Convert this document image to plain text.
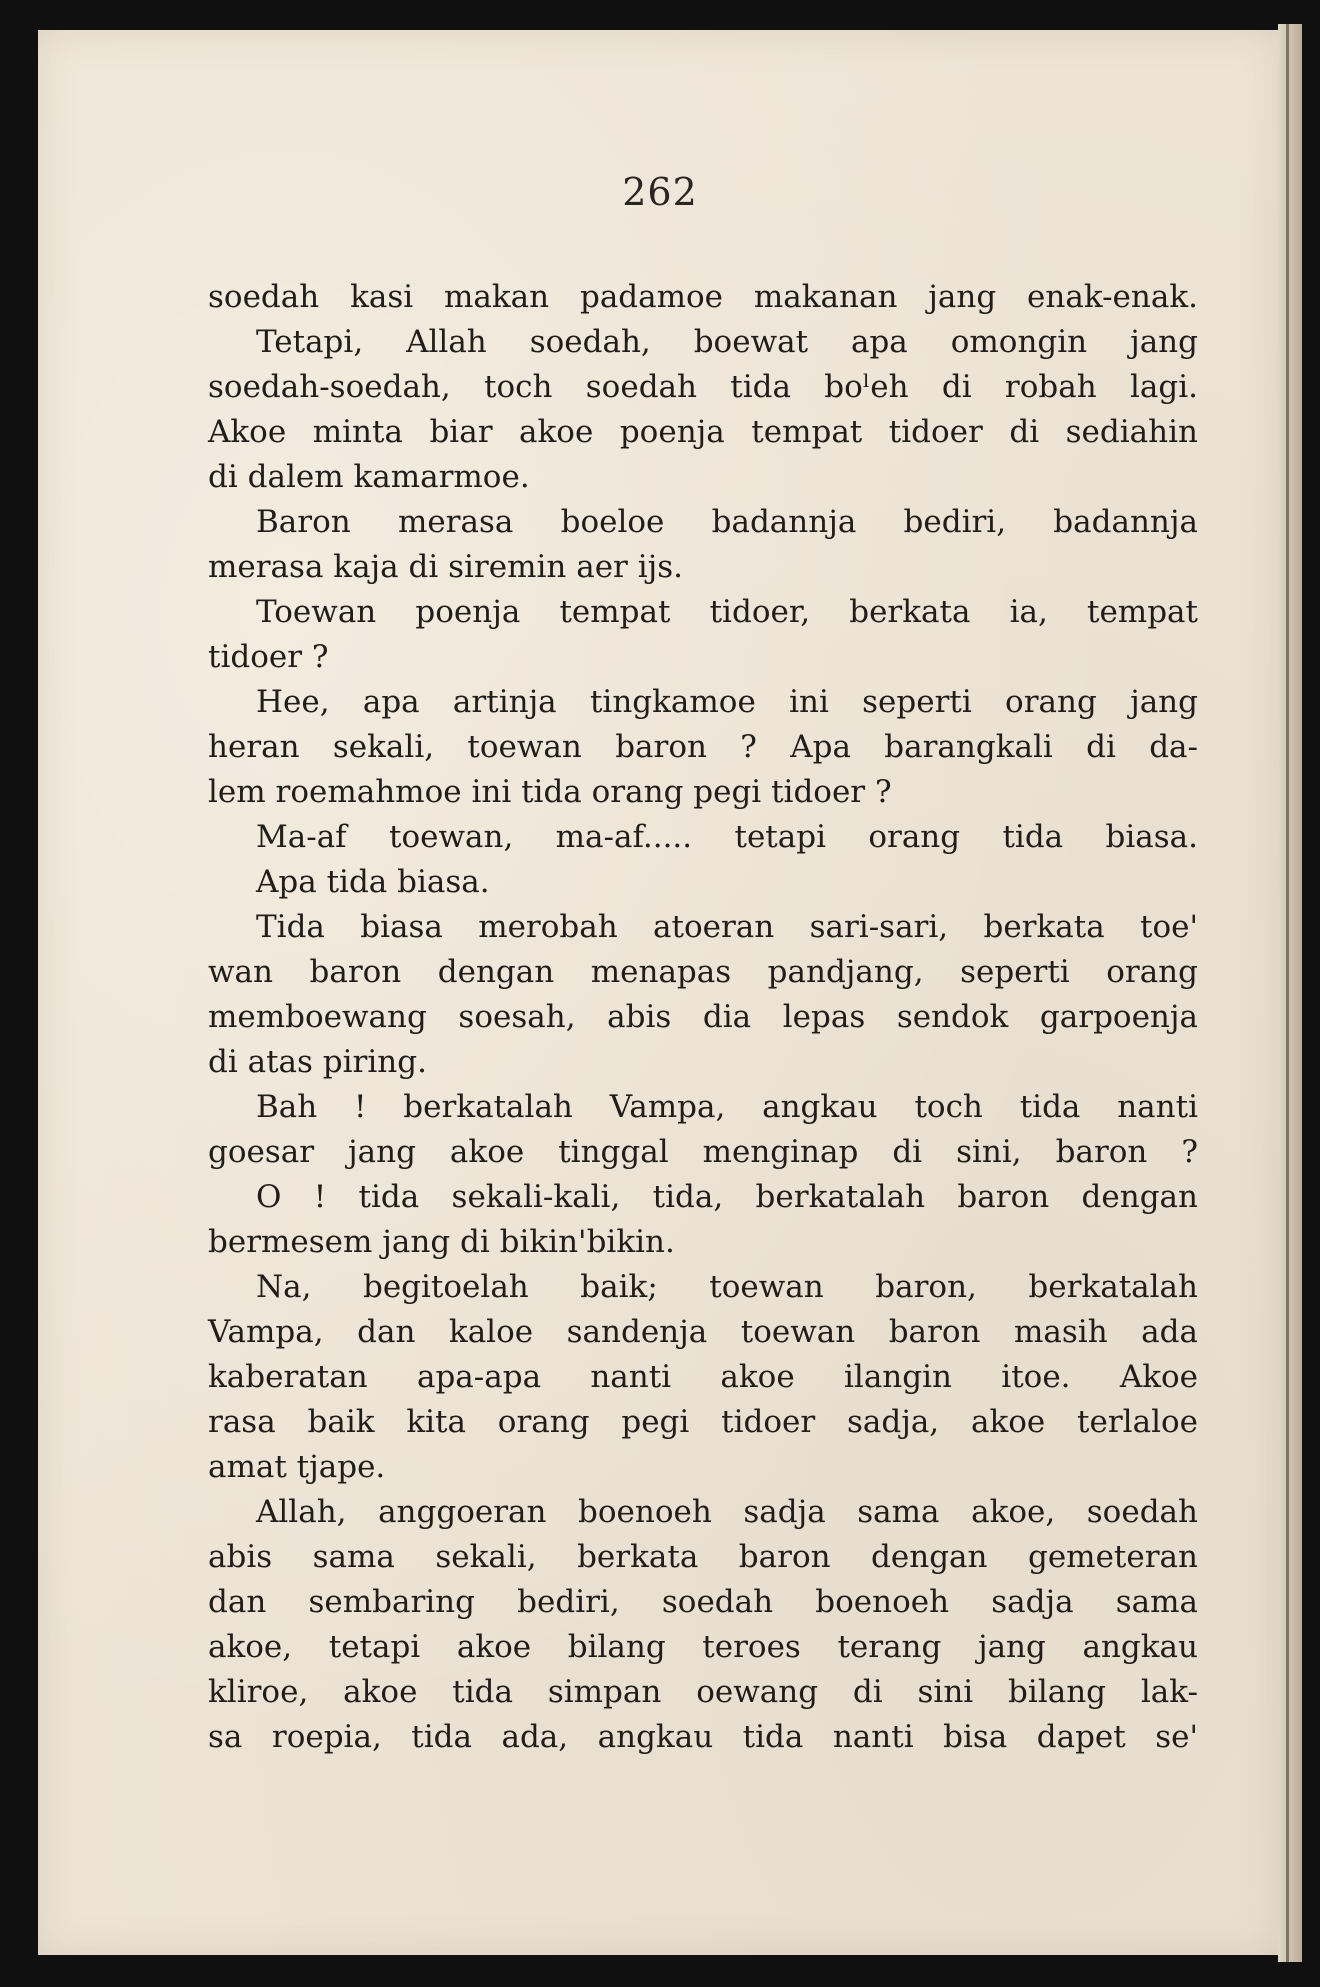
262
soedah kasi makan padamoe makanan jang enak-enak.
Tetapi, Allah soedah, boewat apa omongin jang
soedah-soedah, toch soedah tida boˡeh di robah lagi.
Akoe minta biar akoe poenja tempat tidoer di sediahin
di dalem kamarmoe.
Baron merasa boeloe badannja bediri, badannja
merasa kaja di siremin aer ijs.
Toewan poenja tempat tidoer, berkata ia, tempat
tidoer ?
Hee, apa artinja tingkamoe ini seperti orang jang
heran sekali, toewan baron ? Apa barangkali di da-
lem roemahmoe ini tida orang pegi tidoer ?
Ma-af toewan, ma-af..... tetapi orang tida biasa.
Apa tida biasa.
Tida biasa merobah atoeran sari-sari, berkata toe'
wan baron dengan menapas pandjang, seperti orang
memboewang soesah, abis dia lepas sendok garpoenja
di atas piring.
Bah ! berkatalah Vampa, angkau toch tida nanti
goesar jang akoe tinggal menginap di sini, baron ?
O ! tida sekali-kali, tida, berkatalah baron dengan
bermesem jang di bikin'bikin.
Na, begitoelah baik; toewan baron, berkatalah
Vampa, dan kaloe sandenja toewan baron masih ada
kaberatan apa-apa nanti akoe ilangin itoe. Akoe
rasa baik kita orang pegi tidoer sadja, akoe terlaloe
amat tjape.
Allah, anggoeran boenoeh sadja sama akoe, soedah
abis sama sekali, berkata baron dengan gemeteran
dan sembaring bediri, soedah boenoeh sadja sama
akoe, tetapi akoe bilang teroes terang jang angkau
kliroe, akoe tida simpan oewang di sini bilang lak-
sa roepia, tida ada, angkau tida nanti bisa dapet se'
